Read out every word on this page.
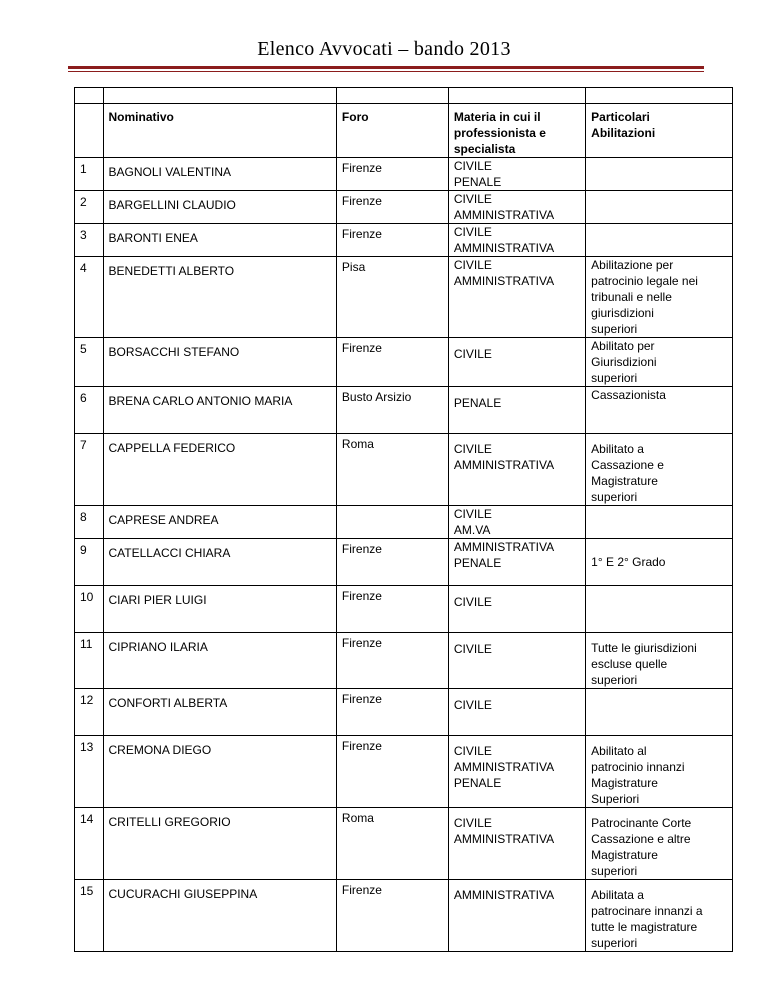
Elenco Avvocati – bando 2013

	Nominativo	Foro	Materia in cui il
professionista e
specialista	Particolari
Abilitazioni

1	BAGNOLI VALENTINA	Firenze	CIVILE
PENALE	

2	BARGELLINI CLAUDIO	Firenze	CIVILE
AMMINISTRATIVA	

3	BARONTI ENEA	Firenze	CIVILE
AMMINISTRATIVA	

4	BENEDETTI ALBERTO	Pisa	CIVILE
AMMINISTRATIVA	Abilitazione per
patrocinio legale nei
tribunali e nelle
giurisdizioni
superiori

5	BORSACCHI STEFANO	Firenze	CIVILE	Abilitato per
Giurisdizioni
superiori

6	BRENA CARLO ANTONIO MARIA	Busto Arsizio	PENALE	Cassazionista

7	CAPPELLA FEDERICO	Roma	CIVILE
AMMINISTRATIVA	Abilitato a
Cassazione e
Magistrature
superiori

8	CAPRESE ANDREA		CIVILE
AM.VA	

9	CATELLACCI CHIARA	Firenze	AMMINISTRATIVA
PENALE	1° E 2° Grado

10	CIARI PIER LUIGI	Firenze	CIVILE	

11	CIPRIANO ILARIA	Firenze	CIVILE	Tutte le giurisdizioni
escluse quelle
superiori

12	CONFORTI ALBERTA	Firenze	CIVILE	

13	CREMONA DIEGO	Firenze	CIVILE
AMMINISTRATIVA
PENALE	Abilitato al
patrocinio innanzi
Magistrature
Superiori

14	CRITELLI GREGORIO	Roma	CIVILE
AMMINISTRATIVA	Patrocinante Corte
Cassazione e altre
Magistrature
superiori

15	CUCURACHI GIUSEPPINA	Firenze	AMMINISTRATIVA	Abilitata a
patrocinare innanzi a
tutte le magistrature
superiori
